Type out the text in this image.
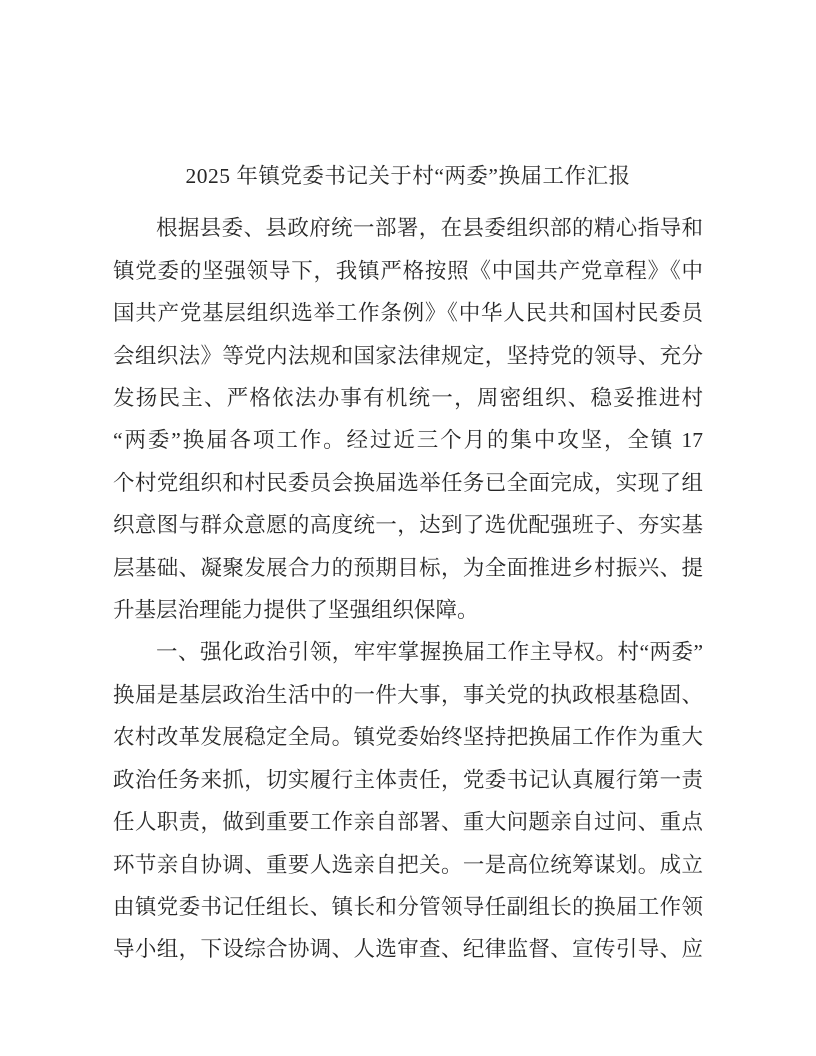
2025 年镇党委书记关于村“两委”换届工作汇报
根据县委、县政府统一部署，在县委组织部的精心指导和
镇党委的坚强领导下，我镇严格按照《中国共产党章程》《中
国共产党基层组织选举工作条例》《中华人民共和国村民委员
会组织法》等党内法规和国家法律规定，坚持党的领导、充分
发扬民主、严格依法办事有机统一，周密组织、稳妥推进村
“两委”换届各项工作。经过近三个月的集中攻坚，全镇 17
个村党组织和村民委员会换届选举任务已全面完成，实现了组
织意图与群众意愿的高度统一，达到了选优配强班子、夯实基
层基础、凝聚发展合力的预期目标，为全面推进乡村振兴、提
升基层治理能力提供了坚强组织保障。
一、强化政治引领，牢牢掌握换届工作主导权。村“两委”
换届是基层政治生活中的一件大事，事关党的执政根基稳固、
农村改革发展稳定全局。镇党委始终坚持把换届工作作为重大
政治任务来抓，切实履行主体责任，党委书记认真履行第一责
任人职责，做到重要工作亲自部署、重大问题亲自过问、重点
环节亲自协调、重要人选亲自把关。一是高位统筹谋划。成立
由镇党委书记任组长、镇长和分管领导任副组长的换届工作领
导小组，下设综合协调、人选审查、纪律监督、宣传引导、应
